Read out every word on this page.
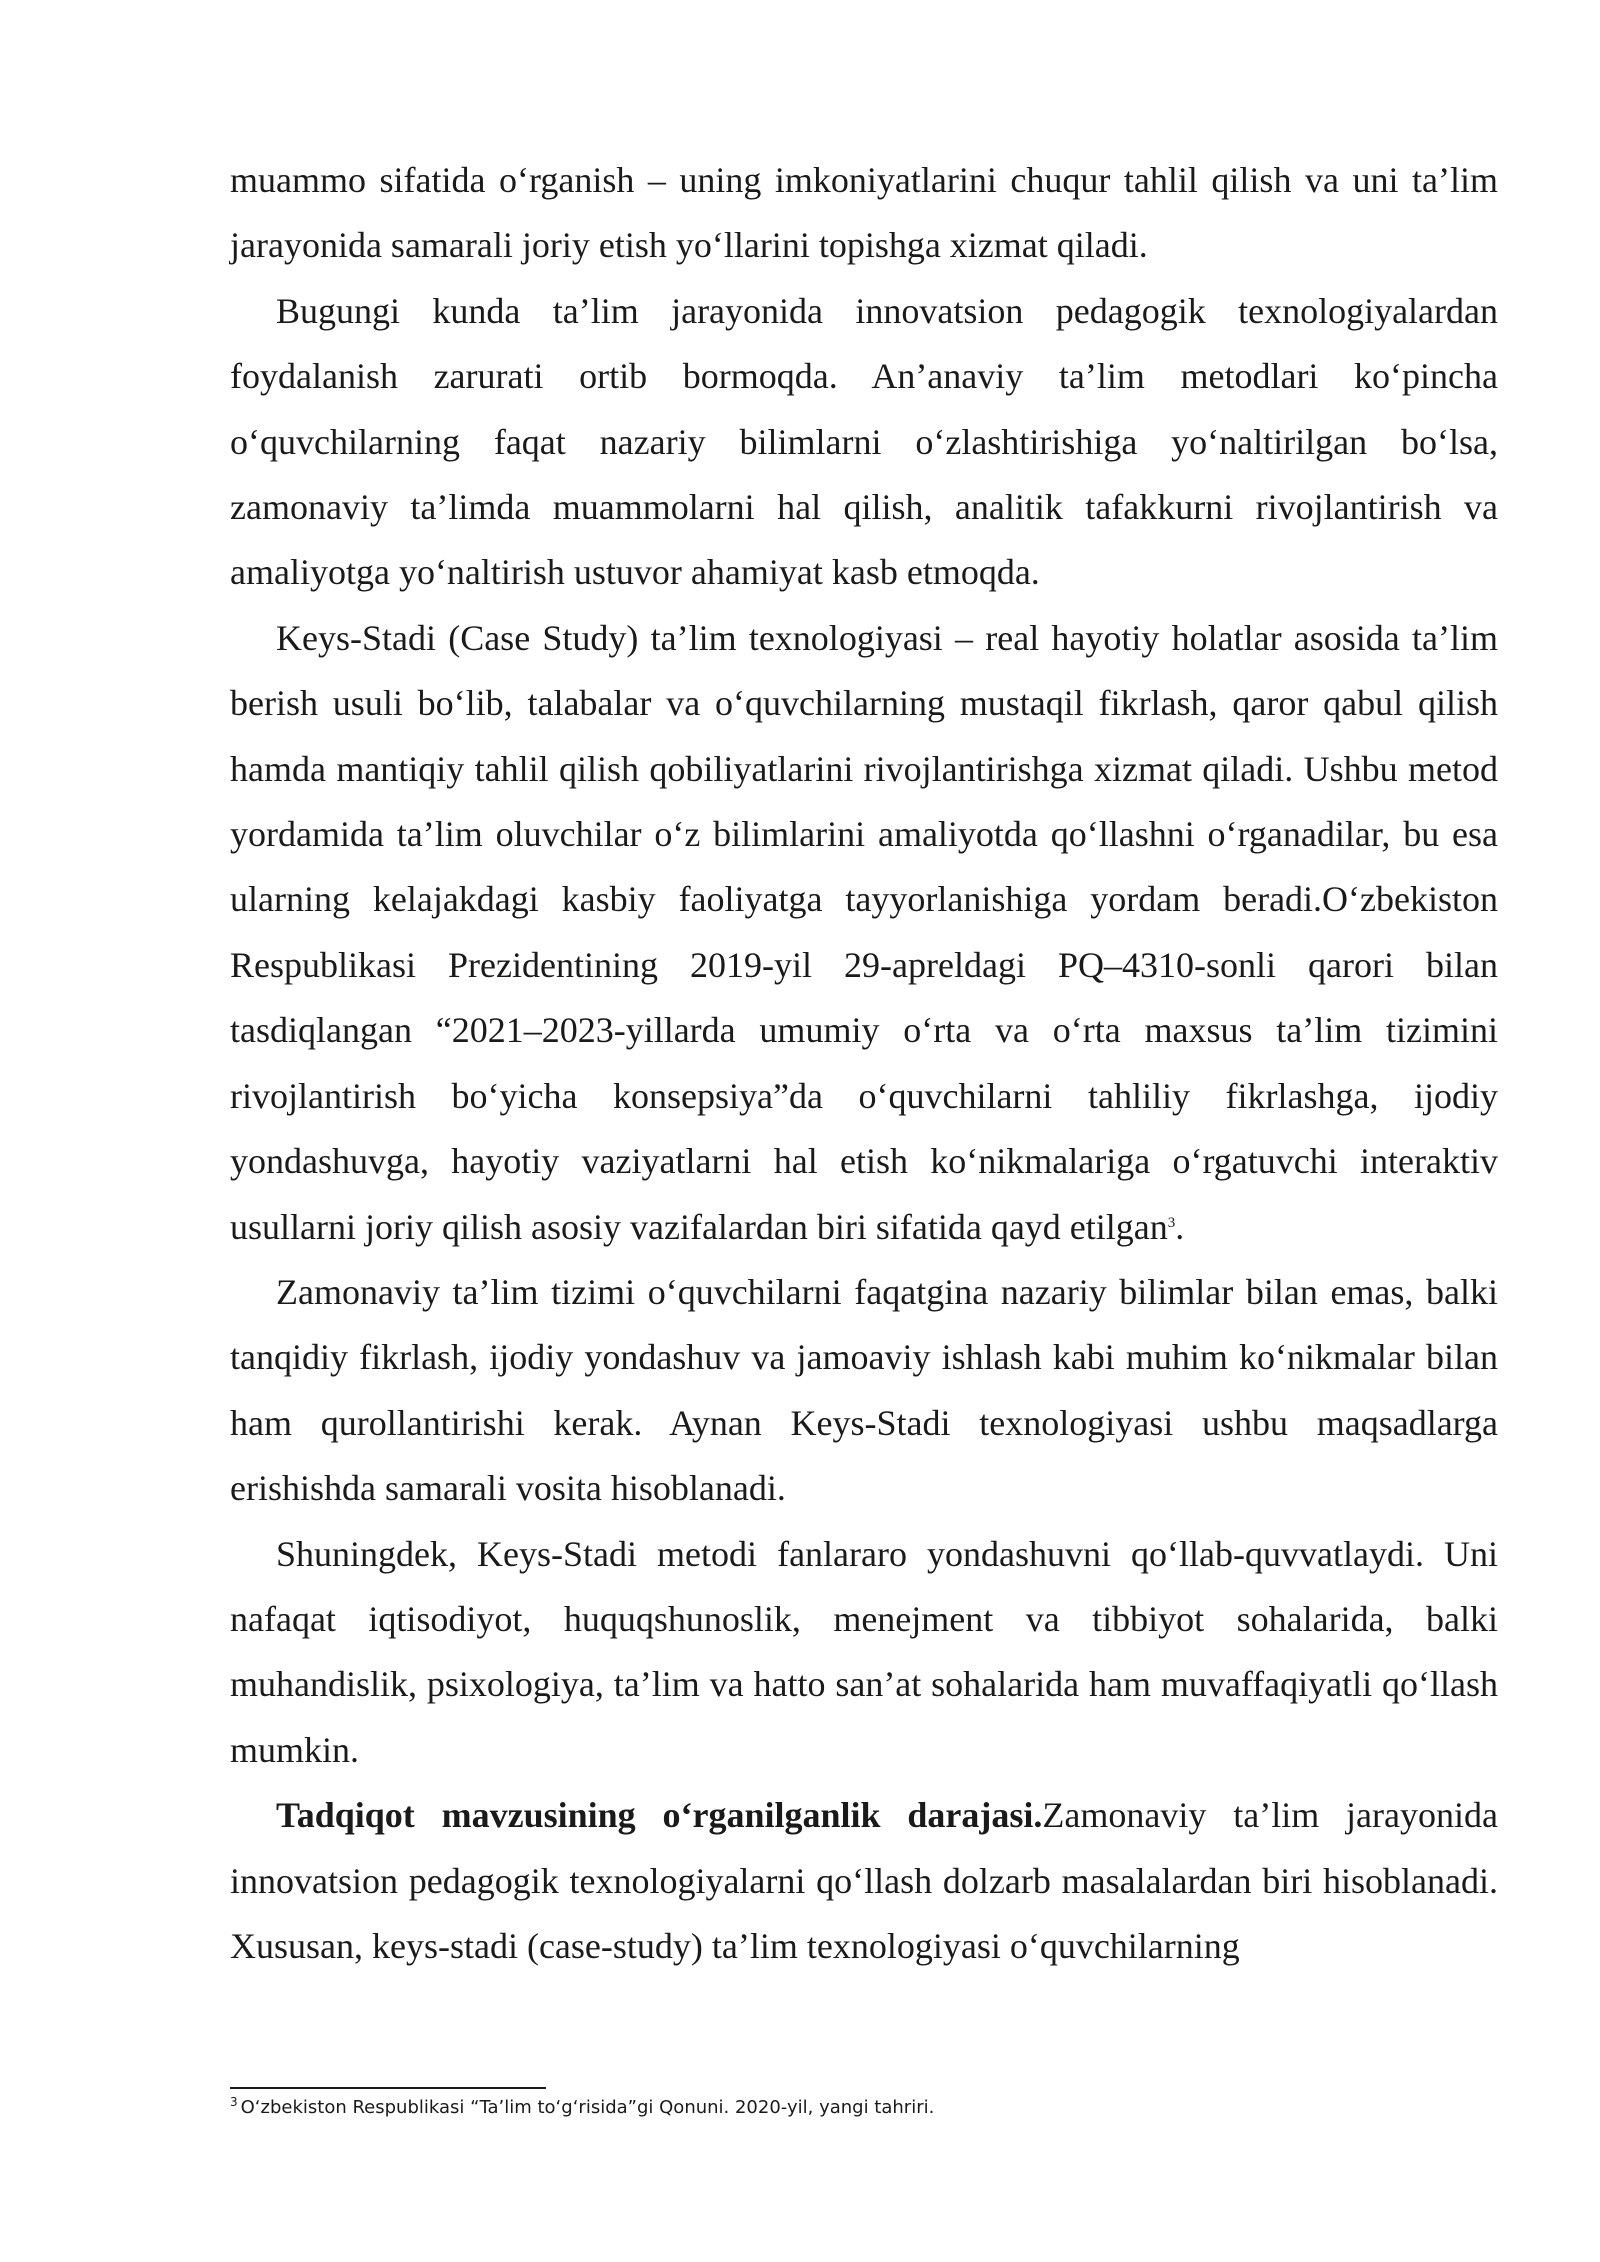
muammo sifatida o‘rganish – uning imkoniyatlarini chuqur tahlil qilish va uni ta’lim jarayonida samarali joriy etish yo‘llarini topishga xizmat qiladi.

Bugungi kunda ta’lim jarayonida innovatsion pedagogik texnologiyalardan foydalanish zarurati ortib bormoqda. An’anaviy ta’lim metodlari ko‘pincha o‘quvchilarning faqat nazariy bilimlarni o‘zlashtirishiga yo‘naltirilgan bo‘lsa, zamonaviy ta’limda muammolarni hal qilish, analitik tafakkurni rivojlantirish va amaliyotga yo‘naltirish ustuvor ahamiyat kasb etmoqda.

Keys-Stadi (Case Study) ta’lim texnologiyasi – real hayotiy holatlar asosida ta’lim berish usuli bo‘lib, talabalar va o‘quvchilarning mustaqil fikrlash, qaror qabul qilish hamda mantiqiy tahlil qilish qobiliyatlarini rivojlantirishga xizmat qiladi. Ushbu metod yordamida ta’lim oluvchilar o‘z bilimlarini amaliyotda qo‘llashni o‘rganadilar, bu esa ularning kelajakdagi kasbiy faoliyatga tayyorlanishiga yordam beradi.O‘zbekiston Respublikasi Prezidentining 2019-yil 29-apreldagi PQ–4310-sonli qarori bilan tasdiqlangan “2021–2023-yillarda umumiy o‘rta va o‘rta maxsus ta’lim tizimini rivojlantirish bo‘yicha konsepsiya”da o‘quvchilarni tahliliy fikrlashga, ijodiy yondashuvga, hayotiy vaziyatlarni hal etish ko‘nikmalariga o‘rgatuvchi interaktiv usullarni joriy qilish asosiy vazifalardan biri sifatida qayd etilgan$^3$.

Zamonaviy ta’lim tizimi o‘quvchilarni faqatgina nazariy bilimlar bilan emas, balki tanqidiy fikrlash, ijodiy yondashuv va jamoaviy ishlash kabi muhim ko‘nikmalar bilan ham qurollantirishi kerak. Aynan Keys-Stadi texnologiyasi ushbu maqsadlarga erishishda samarali vosita hisoblanadi.

Shuningdek, Keys-Stadi metodi fanlararo yondashuvni qo‘llab-quvvatlaydi. Uni nafaqat iqtisodiyot, huquqshunoslik, menejment va tibbiyot sohalarida, balki muhandislik, psixologiya, ta’lim va hatto san’at sohalarida ham muvaffaqiyatli qo‘llash mumkin.

Tadqiqot mavzusining o‘rganilganlik darajasi.Zamonaviy ta’lim jarayonida innovatsion pedagogik texnologiyalarni qo‘llash dolzarb masalalardan biri hisoblanadi. Xususan, keys-stadi (case-study) ta’lim texnologiyasi o‘quvchilarning

$^3$ O‘zbekiston Respublikasi “Ta’lim to‘g‘risida”gi Qonuni. 2020-yil, yangi tahriri.
